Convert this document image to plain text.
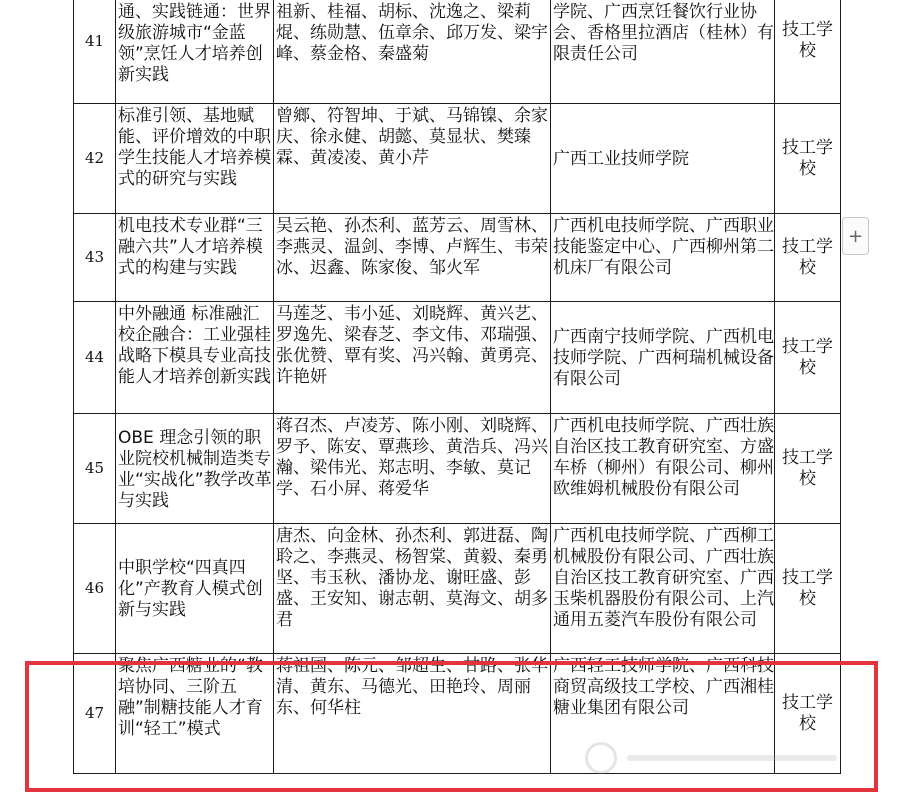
41
通、实践链通：世界级旅游城市“金蓝领”烹饪人才培养创新实践
祖新、桂福、胡标、沈逸之、梁莉焜、练勋慧、伍章余、邱万发、梁宇峰、蔡金格、秦盛菊
学院、广西烹饪餐饮行业协会、香格里拉酒店（桂林）有限责任公司
技工学校
42
标准引领、基地赋能、评价增效的中职学生技能人才培养模式的研究与实践
曾鄉、符智坤、于斌、马锦镍、余家庆、徐永健、胡懿、莫显状、樊臻霖、黄凌凌、黄小芹	广西工业技师学院
技工学校
43
机电技术专业群“三融六共”人才培养模式的构建与实践
吴云艳、孙杰利、蓝芳云、周雪林、李燕灵、温剑、李博、卢辉生、韦荣冰、迟鑫、陈家俊、邹火军
广西机电技师学院、广西职业技能鉴定中心、广西柳州第二机床厂有限公司
技工学校
44
中外融通 标准融汇 校企融合：工业强桂战略下模具专业高技能人才培养创新实践
马莲芝、韦小延、刘晓辉、黄兴艺、罗逸先、梁春芝、李文伟、邓瑞强、张优赞、覃有奖、冯兴翰、黄勇亮、许艳妍
广西南宁技师学院、广西机电技师学院、广西柯瑞机械设备有限公司
技工学校
45
OBE 理念引领的职业院校机械制造类专业“实战化”教学改革与实践
蒋召杰、卢凌芳、陈小刚、刘晓辉、罗予、陈安、覃燕珍、黄浩兵、冯兴瀚、梁伟光、郑志明、李敏、莫记学、石小屏、蒋爱华
广西机电技师学院、广西壮族自治区技工教育研究室、方盛车桥（柳州）有限公司、柳州欧维姆机械股份有限公司
技工学校
46
中职学校“四真四化”产教育人模式创新与实践
唐杰、向金林、孙杰利、郭进磊、陶聆之、李燕灵、杨智棠、黄毅、秦勇坚、韦玉秋、潘协龙、谢旺盛、彭盛、王安知、谢志朝、莫海文、胡多君
广西机电技师学院、广西柳工机械股份有限公司、广西壮族自治区技工教育研究室、广西玉柴机器股份有限公司、上汽通用五菱汽车股份有限公司
技工学校
47
聚焦广西糖业的“教培协同、三阶五融”制糖技能人才育训“轻工”模式
蒋祖国、陈元、邹超生、甘路、张华清、黄东、马德光、田艳玲、周丽东、何华柱
广西轻工技师学院、广西科技商贸高级技工学校、广西湘桂糖业集团有限公司	技工学校
+
